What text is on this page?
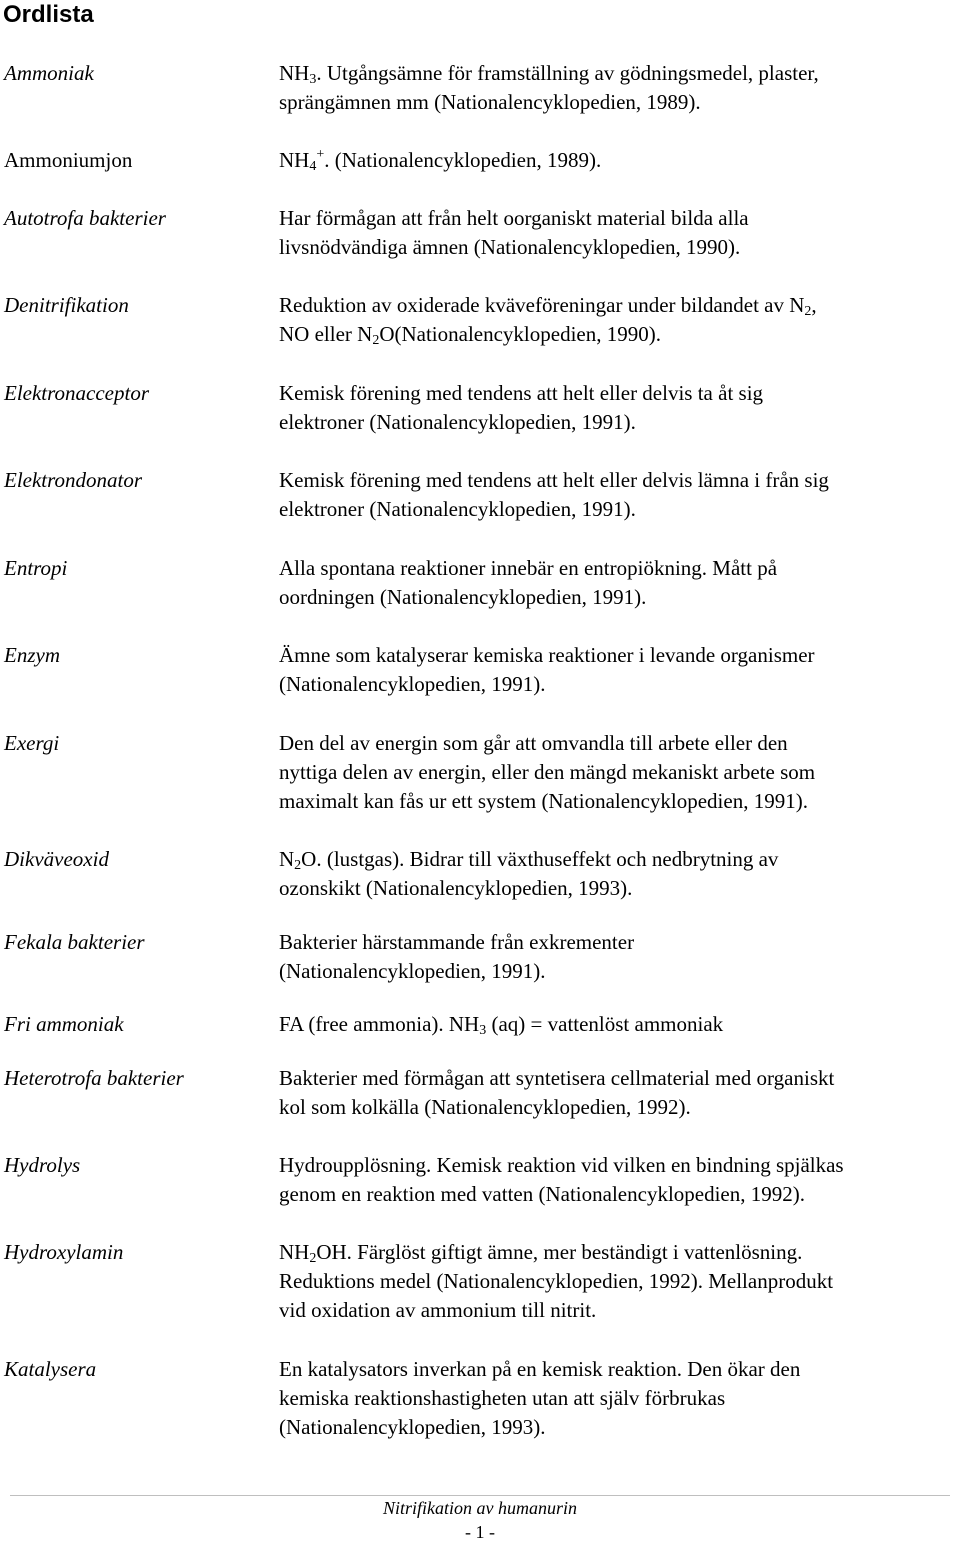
Ordlista
Ammoniak	$NH_3$. Utgångsämne för framställning av gödningsmedel, plaster,
sprängämnen mm (Nationalencyklopedien, 1989).
Ammoniumjon	$NH_4^+$. (Nationalencyklopedien, 1989).
Autotrofa bakterier	Har förmågan att från helt oorganiskt material bilda alla
livsnödvändiga ämnen (Nationalencyklopedien, 1990).
Denitrifikation	Reduktion av oxiderade kväveföreningar under bildandet av $N_2$,
NO eller $N_2O(Nationalencyklopedien$, 1990).
Elektronacceptor	Kemisk förening med tendens att helt eller delvis ta åt sig
elektroner (Nationalencyklopedien, 1991).
Elektrondonator	Kemisk förening med tendens att helt eller delvis lämna i från sig
elektroner (Nationalencyklopedien, 1991).
Entropi	Alla spontana reaktioner innebär en entropiökning. Mått på
oordningen (Nationalencyklopedien, 1991).
Enzym	Ämne som katalyserar kemiska reaktioner i levande organismer
(Nationalencyklopedien, 1991).
Exergi	Den del av energin som går att omvandla till arbete eller den
nyttiga delen av energin, eller den mängd mekaniskt arbete som
maximalt kan fås ur ett system (Nationalencyklopedien, 1991).
Dikväveoxid	$N_2O$. (lustgas). Bidrar till växthuseffekt och nedbrytning av
ozonskikt (Nationalencyklopedien, 1993).
Fekala bakterier	Bakterier härstammande från exkrementer
(Nationalencyklopedien, 1991).
Fri ammoniak	FA (free ammonia). $NH_3$ (aq) = vattenlöst ammoniak
Heterotrofa bakterier	Bakterier med förmågan att syntetisera cellmaterial med organiskt
kol som kolkälla (Nationalencyklopedien, 1992).
Hydrolys	Hydroupplösning. Kemisk reaktion vid vilken en bindning spjälkas
genom en reaktion med vatten (Nationalencyklopedien, 1992).
Hydroxylamin	$NH_2OH$. Färglöst giftigt ämne, mer beständigt i vattenlösning.
Reduktions medel (Nationalencyklopedien, 1992). Mellanprodukt
vid oxidation av ammonium till nitrit.
Katalysera	En katalysators inverkan på en kemisk reaktion. Den ökar den
kemiska reaktionshastigheten utan att själv förbrukas
(Nationalencyklopedien, 1993).
Nitrifikation av humanurin
- 1 -
